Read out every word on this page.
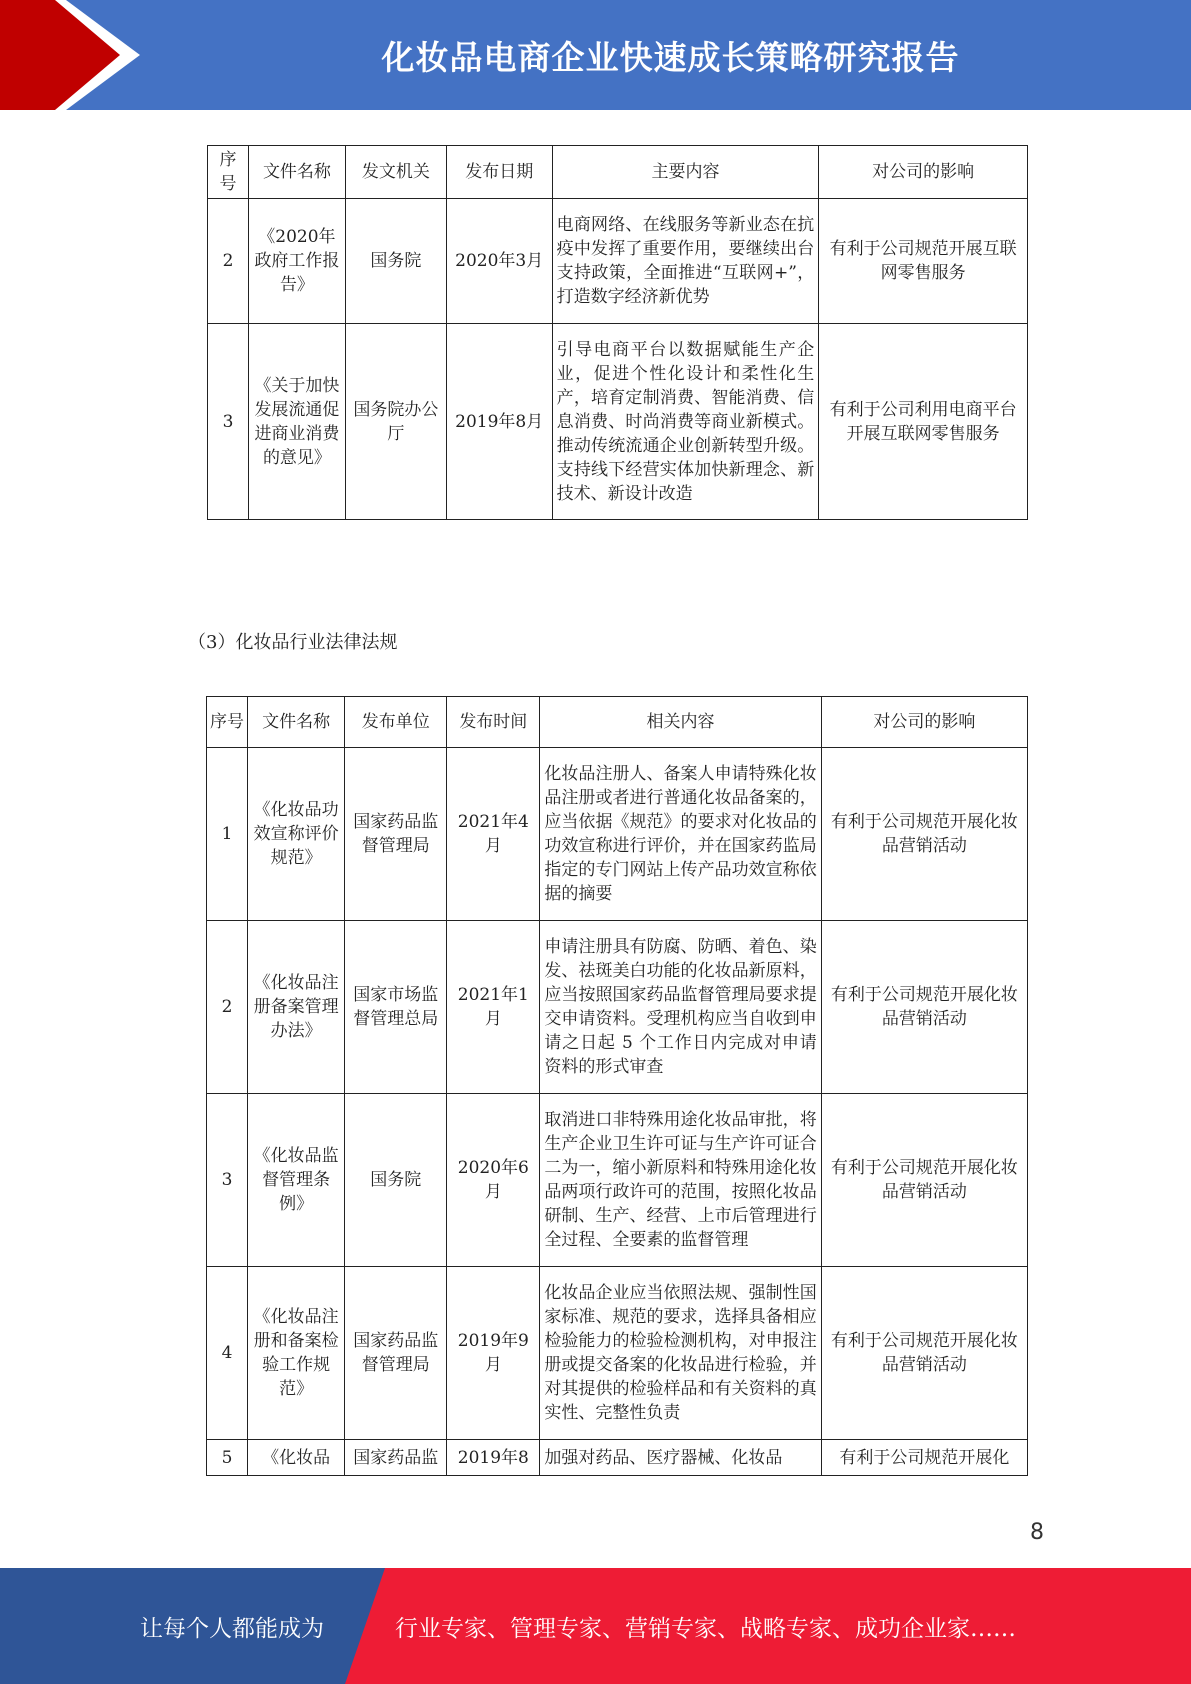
化妆品电商企业快速成长策略研究报告
序号	文件名称	发文机关	发布日期	主要内容	对公司的影响
2	《2020年政府工作报告》	国务院	2020年3月	电商网络、在线服务等新业态在抗疫中发挥了重要作用，要继续出台支持政策，全面推进“互联网+”，打造数字经济新优势	有利于公司规范开展互联网零售服务
3	《关于加快发展流通促进商业消费的意见》	国务院办公厅	2019年8月	引导电商平台以数据赋能生产企业，促进个性化设计和柔性化生产，培育定制消费、智能消费、信息消费、时尚消费等商业新模式。推动传统流通企业创新转型升级。支持线下经营实体加快新理念、新技术、新设计改造	有利于公司利用电商平台开展互联网零售服务
（3）化妆品行业法律法规
序号	文件名称	发布单位	发布时间	相关内容	对公司的影响
1	《化妆品功效宣称评价规范》	国家药品监督管理局	2021年4月	化妆品注册人、备案人申请特殊化妆品注册或者进行普通化妆品备案的，应当依据《规范》的要求对化妆品的功效宣称进行评价，并在国家药监局指定的专门网站上传产品功效宣称依据的摘要	有利于公司规范开展化妆品营销活动
2	《化妆品注册备案管理办法》	国家市场监督管理总局	2021年1月	申请注册具有防腐、防晒、着色、染发、祛斑美白功能的化妆品新原料，应当按照国家药品监督管理局要求提交申请资料。受理机构应当自收到申请之日起 5 个工作日内完成对申请资料的形式审查	有利于公司规范开展化妆品营销活动
3	《化妆品监督管理条例》	国务院	2020年6月	取消进口非特殊用途化妆品审批，将生产企业卫生许可证与生产许可证合二为一，缩小新原料和特殊用途化妆品两项行政许可的范围，按照化妆品研制、生产、经营、上市后管理进行全过程、全要素的监督管理	有利于公司规范开展化妆品营销活动
4	《化妆品注册和备案检验工作规范》	国家药品监督管理局	2019年9月	化妆品企业应当依照法规、强制性国家标准、规范的要求，选择具备相应检验能力的检验检测机构，对申报注册或提交备案的化妆品进行检验，并对其提供的检验样品和有关资料的真实性、完整性负责	有利于公司规范开展化妆品营销活动
5	《化妆品	国家药品监	2019年8	加强对药品、医疗器械、化妆品	有利于公司规范开展化
8
让每个人都能成为	行业专家、管理专家、营销专家、战略专家、成功企业家……
